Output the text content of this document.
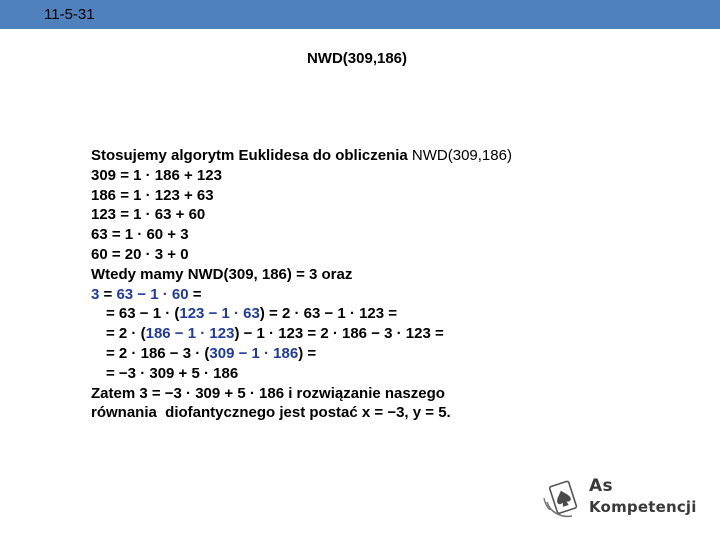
11-5-31
NWD(309,186)
Stosujemy algorytm Euklidesa do obliczenia NWD(309,186)
309 = 1 · 186 + 123
186 = 1 · 123 + 63
123 = 1 · 63 + 60
63 = 1 · 60 + 3
60 = 20 · 3 + 0
Wtedy mamy NWD(309, 186) = 3 oraz
3 = 63 − 1 · 60 =
= 63 − 1 · (123 − 1 · 63) = 2 · 63 − 1 · 123 =
= 2 · (186 − 1 · 123) − 1 · 123 = 2 · 186 − 3 · 123 =
= 2 · 186 − 3 · (309 − 1 · 186) =
= −3 · 309 + 5 · 186
Zatem 3 = −3 · 309 + 5 · 186 i rozwiązanie naszego
równania  diofantycznego jest postać x = −3, y = 5.
As
Kompetencji
